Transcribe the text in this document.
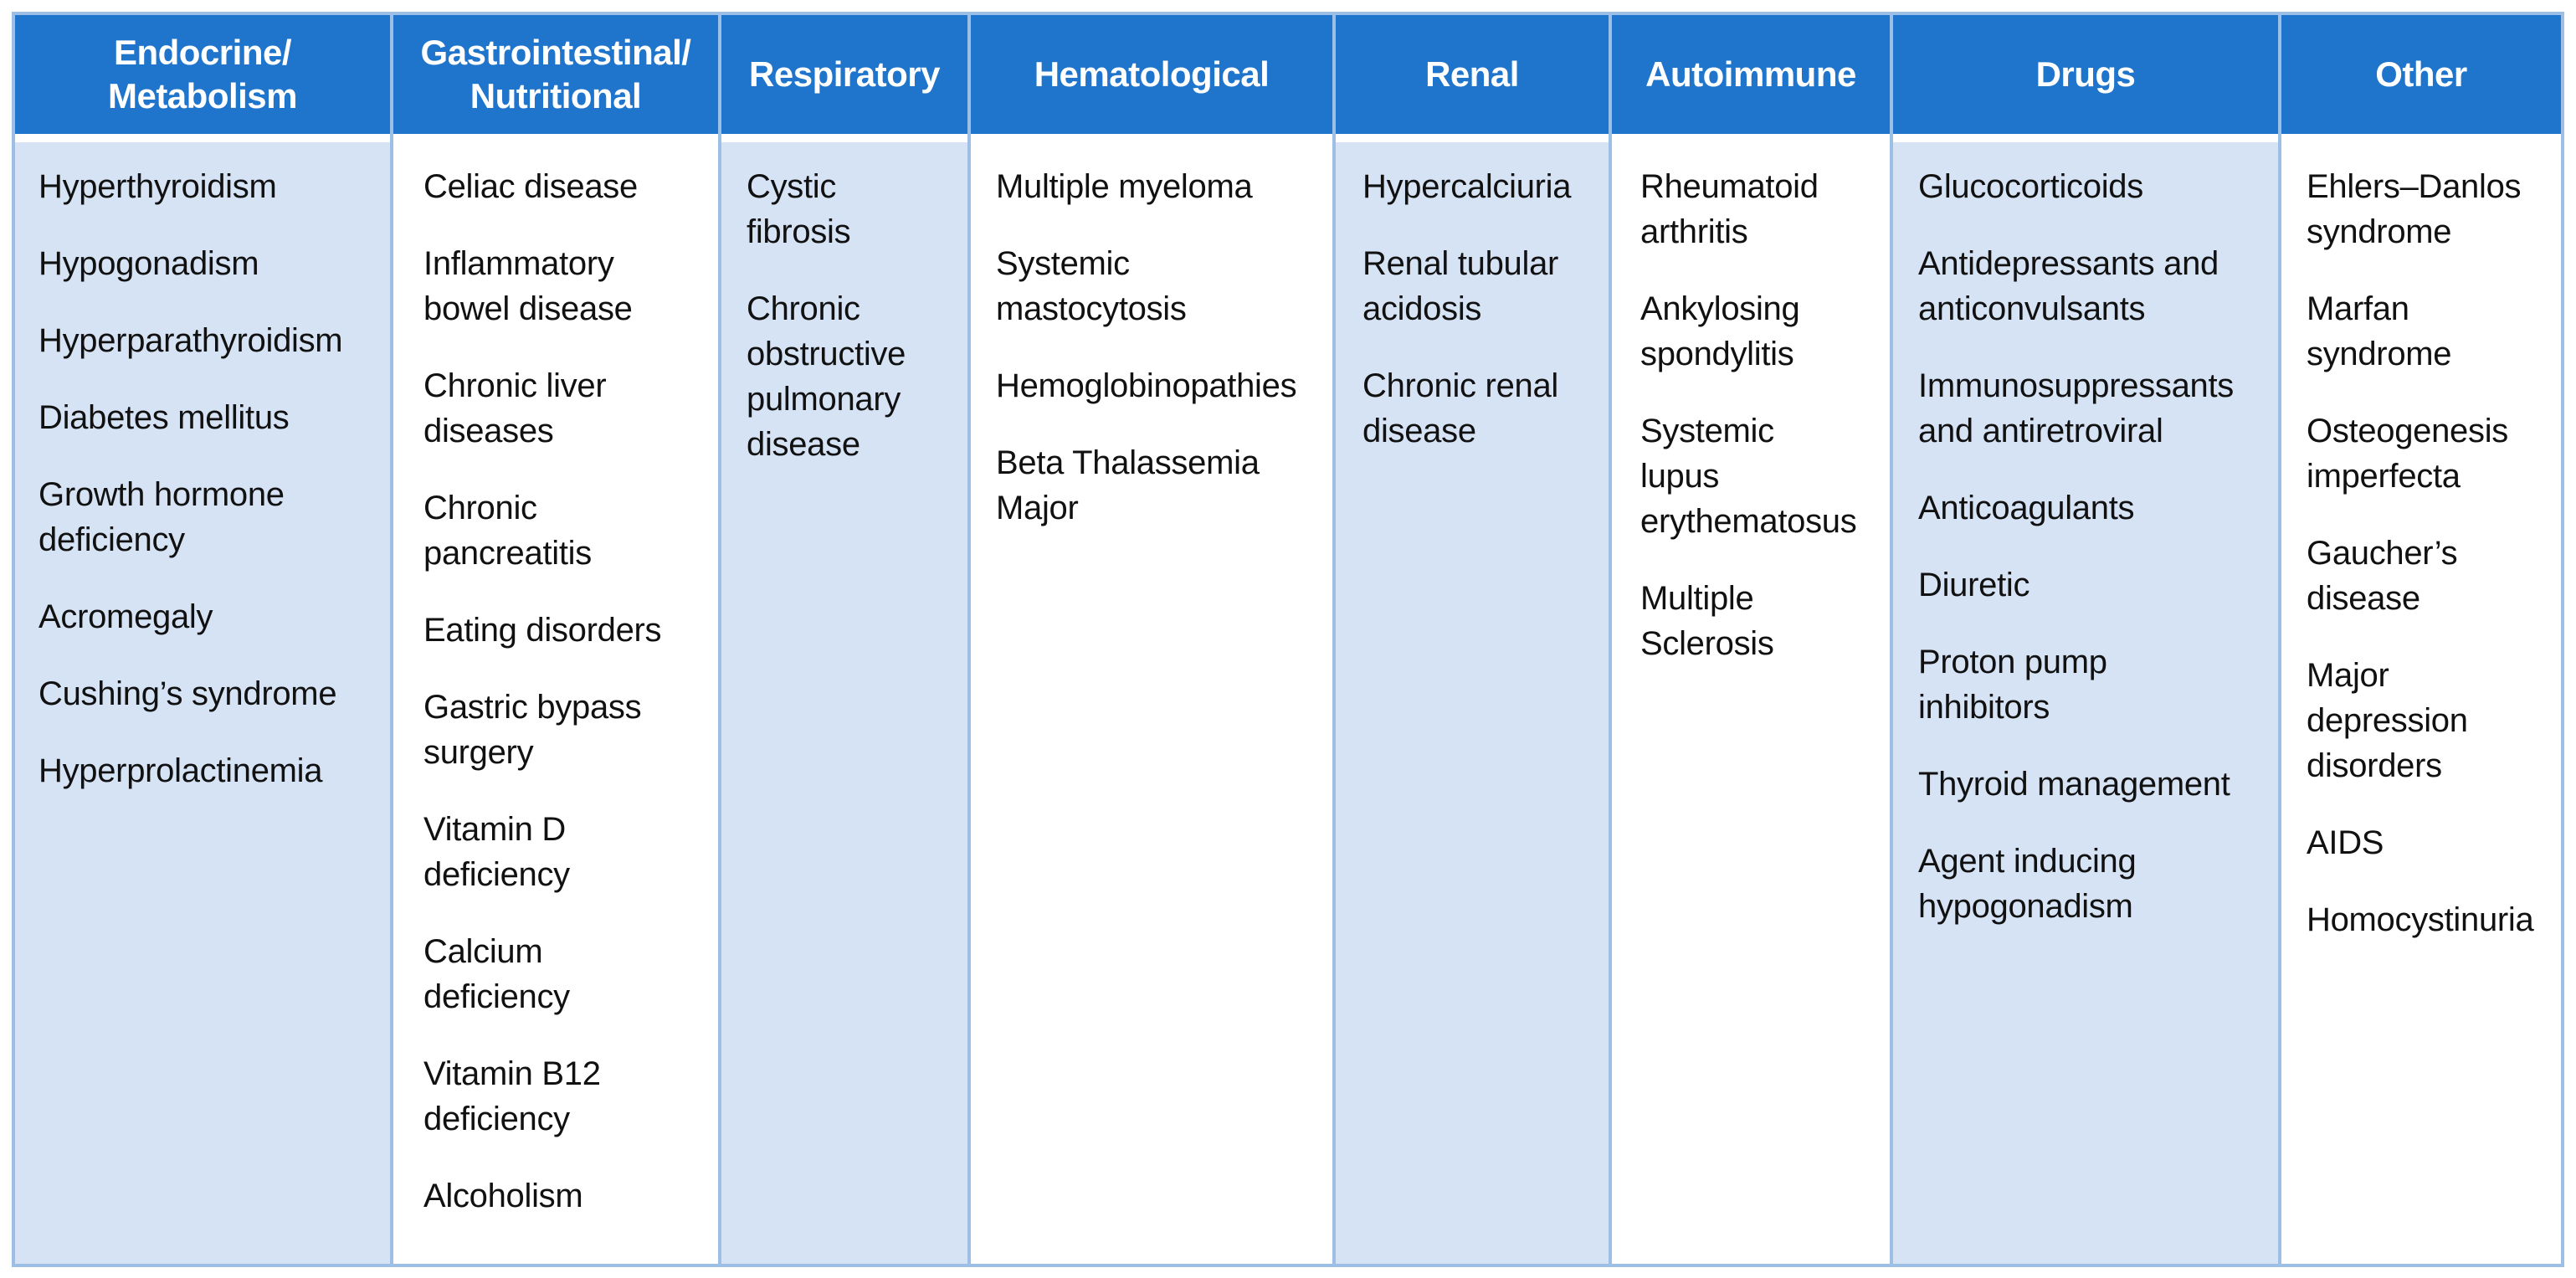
Endocrine/
Metabolism
Hyperthyroidism
Hypogonadism
Hyperparathyroidism
Diabetes mellitus
Growth hormone
deficiency
Acromegaly
Cushing’s syndrome
Hyperprolactinemia
Gastrointestinal/
Nutritional
Celiac disease
Inflammatory
bowel disease
Chronic liver
diseases
Chronic
pancreatitis
Eating disorders
Gastric bypass
surgery
Vitamin D
deficiency
Calcium
deficiency
Vitamin B12
deficiency
Alcoholism
Respiratory
Cystic
fibrosis
Chronic
obstructive
pulmonary
disease
Hematological
Multiple myeloma
Systemic
mastocytosis
Hemoglobinopathies
Beta Thalassemia
Major
Renal
Hypercalciuria
Renal tubular
acidosis
Chronic renal
disease
Autoimmune
Rheumatoid
arthritis
Ankylosing
spondylitis
Systemic
lupus
erythematosus
Multiple
Sclerosis
Drugs
Glucocorticoids
Antidepressants and
anticonvulsants
Immunosuppressants
and antiretroviral
Anticoagulants
Diuretic
Proton pump
inhibitors
Thyroid management
Agent inducing
hypogonadism
Other
Ehlers–Danlos
syndrome
Marfan
syndrome
Osteogenesis
imperfecta
Gaucher’s
disease
Major
depression
disorders
AIDS
Homocystinuria
